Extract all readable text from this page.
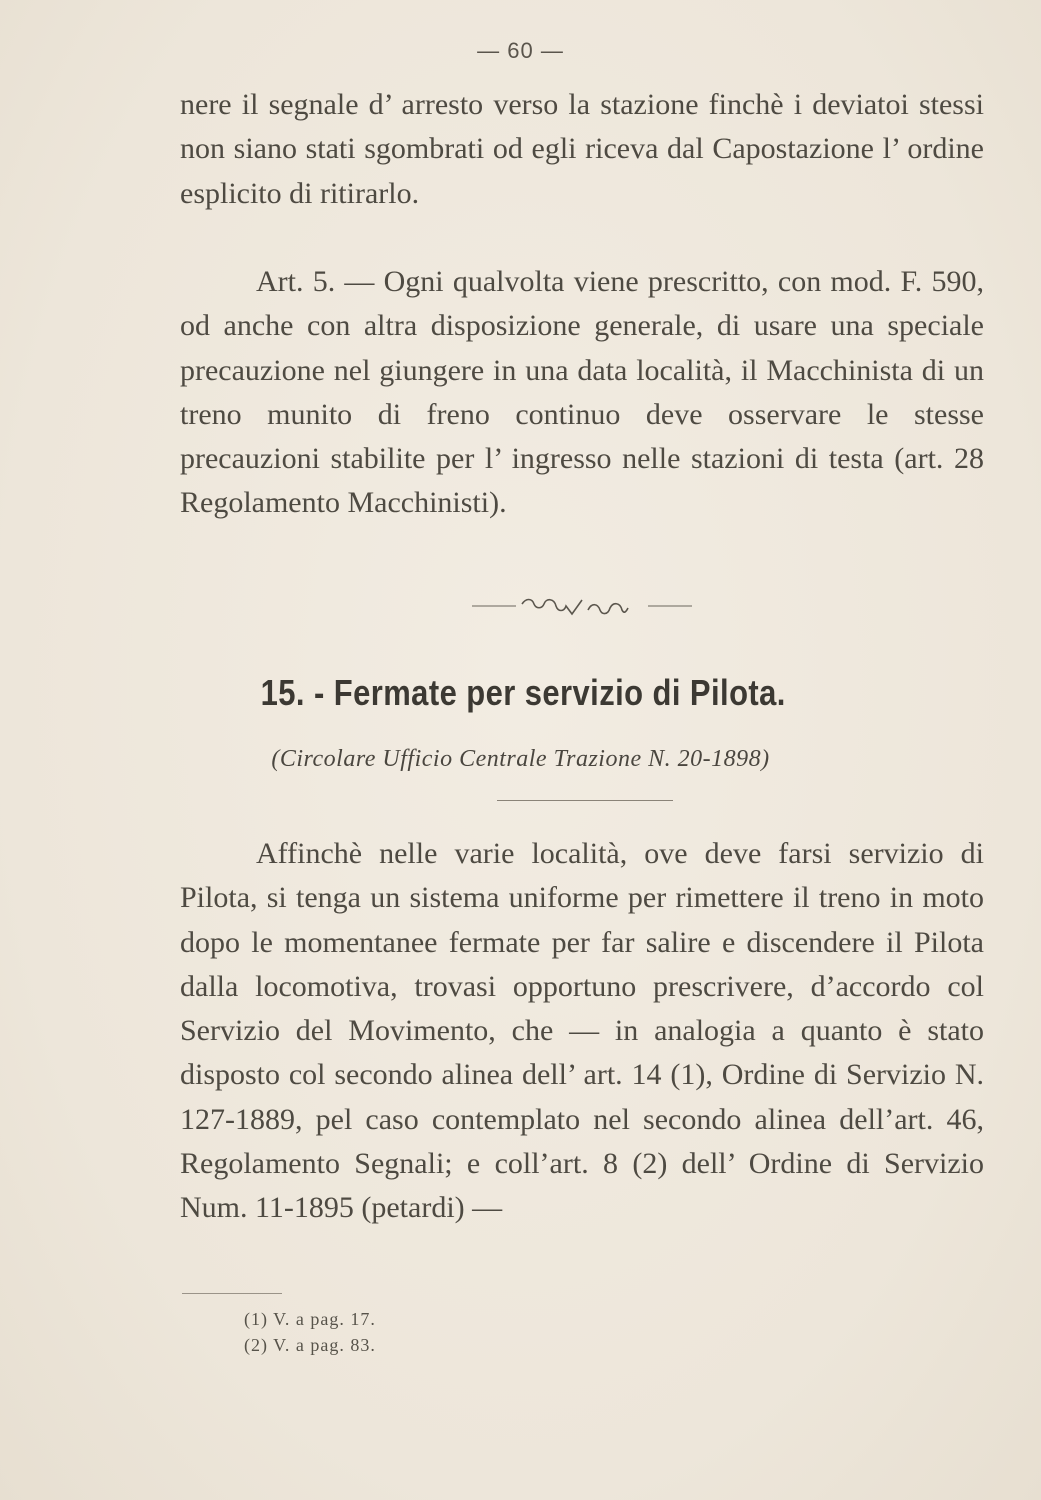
— 60 —
nere il segnale d’ arresto verso la stazione finchè i deviatoi stessi non siano stati sgombrati od egli riceva dal Capostazione l’ ordine esplicito di ritirarlo.
Art. 5. — Ogni qualvolta viene prescritto, con mod. F. 590, od anche con altra disposizione generale, di usare una speciale precauzione nel giungere in una data località, il Macchinista di un treno munito di freno continuo deve osservare le stesse precauzioni stabilite per l’ ingresso nelle stazioni di testa (art. 28 Regolamento Macchinisti).
15. - Fermate per servizio di Pilota.
(Circolare Ufficio Centrale Trazione N. 20-1898)
Affinchè nelle varie località, ove deve farsi servizio di Pilota, si tenga un sistema uniforme per rimettere il treno in moto dopo le momentanee fermate per far salire e discendere il Pilota dalla locomotiva, trovasi opportuno prescrivere, d’accordo col Servizio del Movimento, che — in analogia a quanto è stato disposto col secondo alinea dell’ art. 14 (1), Ordine di Servizio N. 127-1889, pel caso contemplato nel secondo alinea dell’art. 46, Regolamento Segnali; e coll’art. 8 (2) dell’ Ordine di Servizio Num. 11-1895 (petardi) —
(1) V. a pag. 17.
(2) V. a pag. 83.
